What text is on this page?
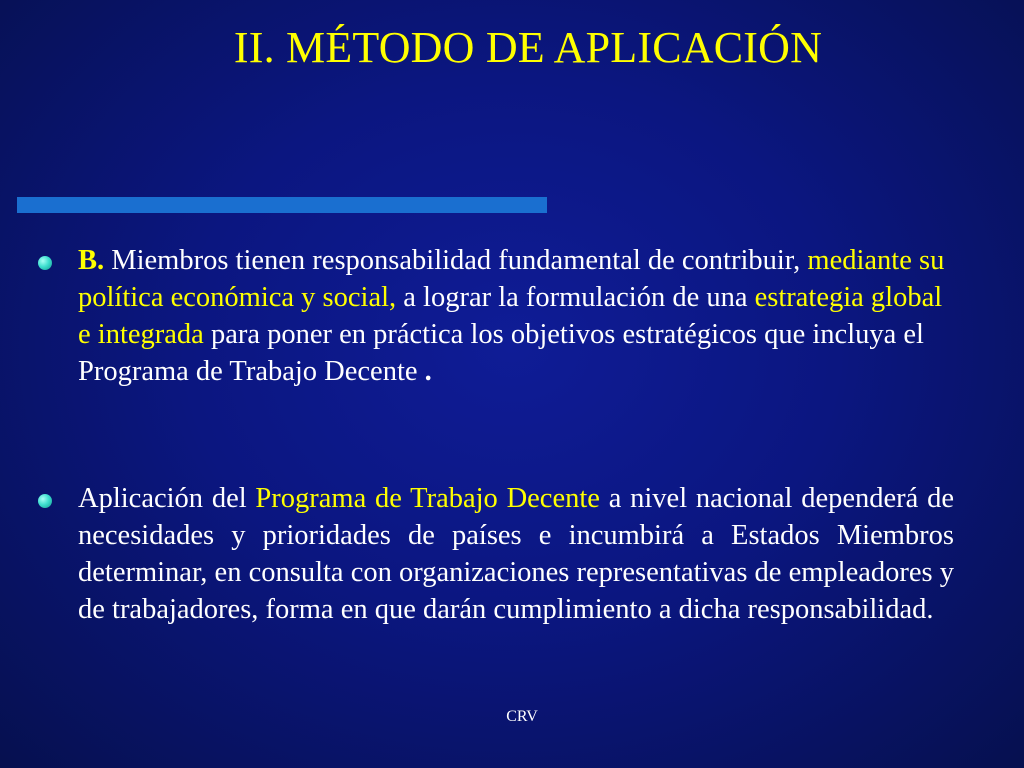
II. MÉTODO DE APLICACIÓN
B. Miembros tienen responsabilidad fundamental de contribuir, mediante su política económica y social, a lograr la formulación de una estrategia global e integrada para poner en práctica los objetivos estratégicos que incluya el Programa de Trabajo Decente .
Aplicación del Programa de Trabajo Decente a nivel nacional dependerá de necesidades y prioridades de países e incumbirá a Estados Miembros determinar, en consulta con organizaciones representativas de empleadores y de trabajadores, forma en que darán cumplimiento a dicha responsabilidad.
CRV
